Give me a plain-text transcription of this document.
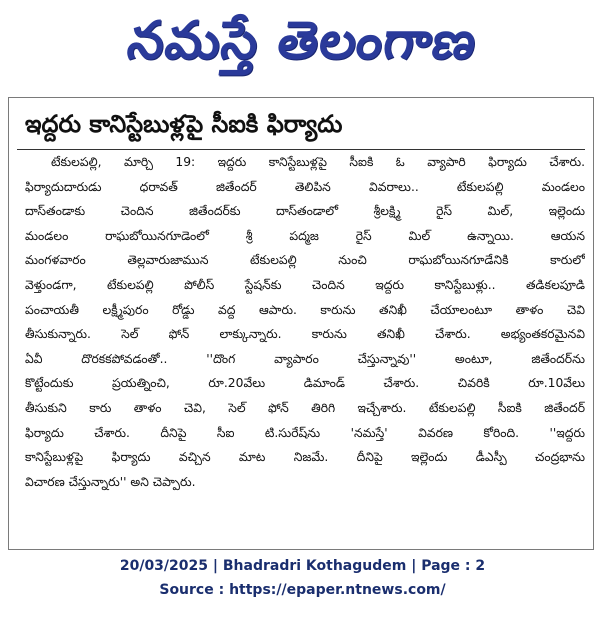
నమస్తే తెలంగాణ
ఇద్దరు కానిస్టేబుళ్లపై సీఐకి ఫిర్యాదు
టేకులపల్లి, మార్చి 19: ఇద్దరు కానిస్టేబుళ్లపై సీఐకి ఓ వ్యాపారి ఫిర్యాదు చేశారు.
ఫిర్యాదుదారుడు ధరావత్ జితేందర్ తెలిపిన వివరాలు.. టేకులపల్లి మండలం
దాస్‌తండాకు చెందిన జితేందర్‌కు దాస్‌తండాలో శ్రీలక్ష్మి రైస్ మిల్, ఇల్లెందు
మండలం రాఘబోయినగూడెంలో శ్రీ పద్మజ రైస్ మిల్ ఉన్నాయి. ఆయన
మంగళవారం తెల్లవారుజామున టేకులపల్లి నుంచి రాఘబోయినగూడేనికి కారులో
వెళ్తుండగా, టేకులపల్లి పోలీస్ స్టేషన్‌కు చెందిన ఇద్దరు కానిస్టేబుళ్లు.. తడికలపూడి
పంచాయతీ లక్ష్మీపురం రోడ్డు వద్ద ఆపారు. కారును తనిఖీ చేయాలంటూ తాళం చెవి
తీసుకున్నారు. సెల్ ఫోన్ లాక్కున్నారు. కారును తనిఖీ చేశారు. అభ్యంతకరమైనవి
ఏవీ దొరకకపోవడంతో.. ''దొంగ వ్యాపారం చేస్తున్నావు'' అంటూ, జితేందర్‌ను
కొట్టేందుకు ప్రయత్నించి, రూ.20వేలు డిమాండ్ చేశారు. చివరికి రూ.10వేలు
తీసుకుని కారు తాళం చెవి, సెల్ ఫోన్ తిరిగి ఇచ్చేశారు. టేకులపల్లి సీఐకి జితేందర్
ఫిర్యాదు చేశారు. దీనిపై సీఐ టి.సురేష్‌ను 'నమస్తే' వివరణ కోరింది. ''ఇద్దరు
కానిస్టేబుళ్లపై ఫిర్యాదు వచ్చిన మాట నిజమే. దీనిపై ఇల్లెందు డీఎస్పీ చంద్రభాను
విచారణ చేస్తున్నారు'' అని చెప్పారు.
20/03/2025 | Bhadradri Kothagudem | Page : 2
Source : https://epaper.ntnews.com/
